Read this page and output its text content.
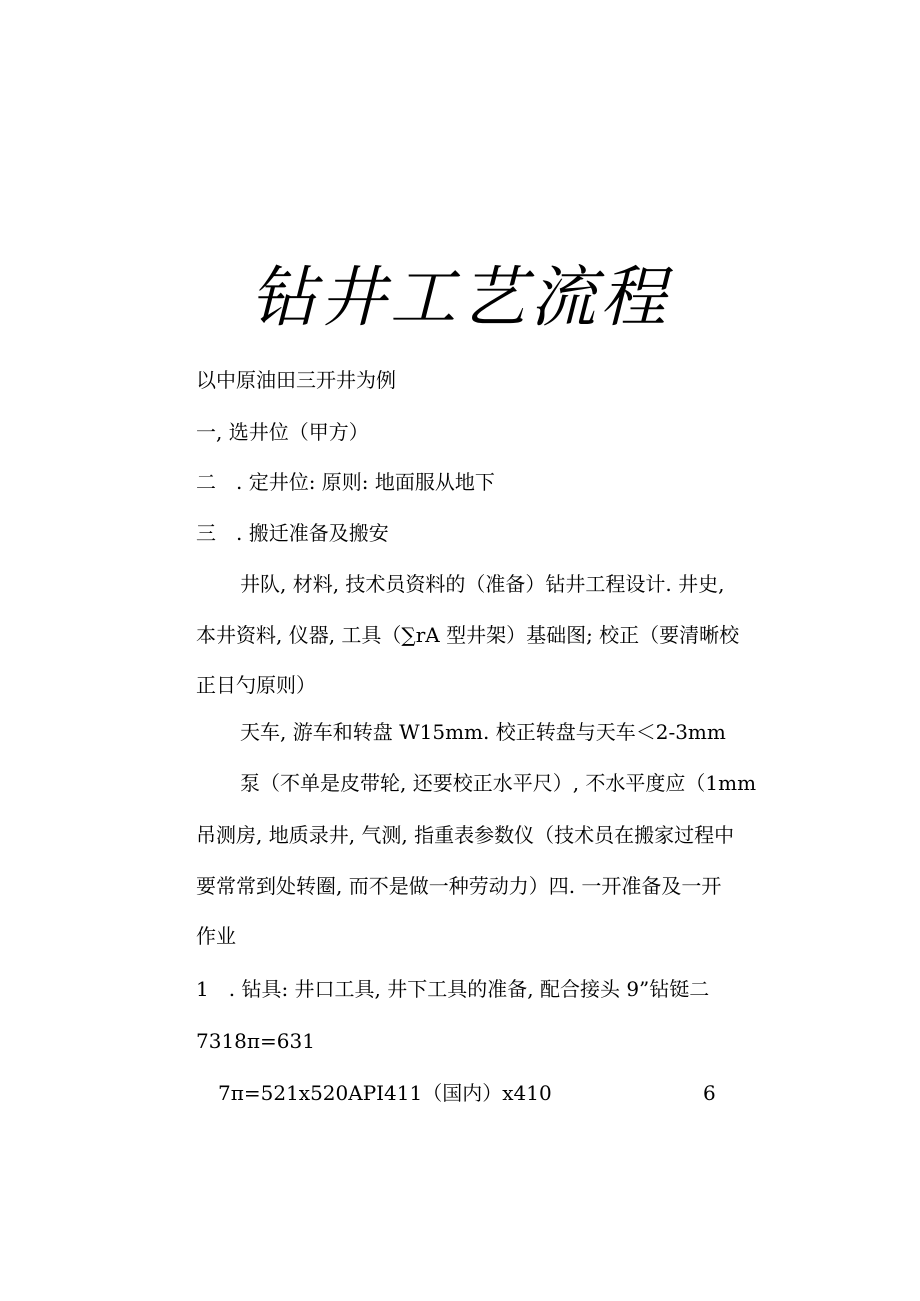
钻井工艺流程
以中原油田三开井为例
一, 选井位（甲方）
二　. 定井位: 原则: 地面服从地下
三　. 搬迁准备及搬安
井队, 材料, 技术员资料的（准备）钻井工程设计. 井史,
本井资料, 仪器, 工具（∑rA 型井架）基础图; 校正（要清晰校
正日勺原则）
天车, 游车和转盘 W15mm. 校正转盘与天车＜2-3mm
泵（不单是皮带轮, 还要校正水平尺）, 不水平度应（1mm
吊测房, 地质录井, 气测, 指重表参数仪（技术员在搬家过程中
要常常到处转圈, 而不是做一种劳动力）四. 一开准备及一开
作业
1　. 钻具: 井口工具, 井下工具的准备, 配合接头 9”钻铤二
7318ᴨ=631
7ᴨ=521x520API411（国内）x410	6
